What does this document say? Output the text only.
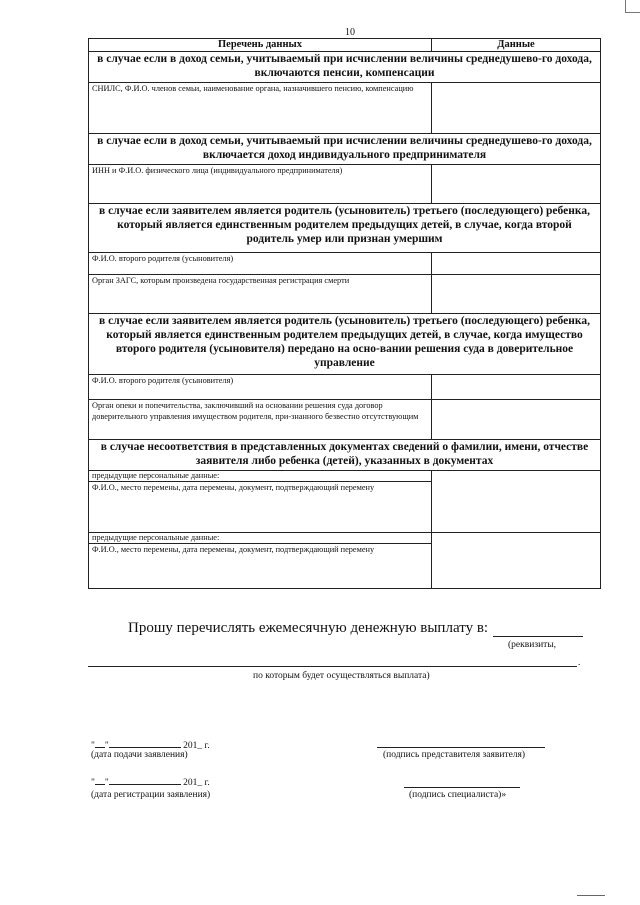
10
Перечень данных	Данные
в случае если в доход семьи, учитываемый при исчислении величины среднедушево-го дохода, включаются пенсии, компенсации	
СНИЛС, Ф.И.О. членов семьи, наименование органа, назначившего пенсию, компенсацию	
в случае если в доход семьи, учитываемый при исчислении величины среднедушево-го дохода, включается доход индивидуального предпринимателя	
ИНН и Ф.И.О. физического лица (индивидуального предпринимателя)	
в случае если заявителем является родитель (усыновитель) третьего (последующего) ребенка, который является единственным родителем предыдущих детей, в случае, когда второй родитель умер или признан умершим	
Ф.И.О. второго родителя (усыновителя)	
Орган ЗАГС, которым произведена государственная регистрация смерти	
в случае если заявителем является родитель (усыновитель) третьего (последующего) ребенка, который является единственным родителем предыдущих детей, в случае, когда имущество второго родителя (усыновителя) передано на осно-вании решения суда в доверительное управление	
Ф.И.О. второго родителя (усыновителя)	
Орган опеки и попечительства, заключивший на основании решения суда договор доверительного управления имуществом родителя, при-знанного безвестно отсутствующим	
в случае несоответствия в представленных документах сведений о фамилии, имени, отчестве заявителя либо ребенка (детей), указанных в документах	
предыдущие персональные данные:	
Ф.И.О., место перемены, дата перемены, документ, подтверждающий перемену	
предыдущие персональные данные:	
Ф.И.О., место перемены, дата перемены, документ, подтверждающий перемену	
Прошу перечислять ежемесячную денежную выплату в:
(реквизиты,
.
по которым будет осуществляться выплата)
" "	201_ г.
(дата подачи заявления)	(подпись представителя заявителя)
" "	201_ г.
(дата регистрации заявления)	(подпись специалиста)»
